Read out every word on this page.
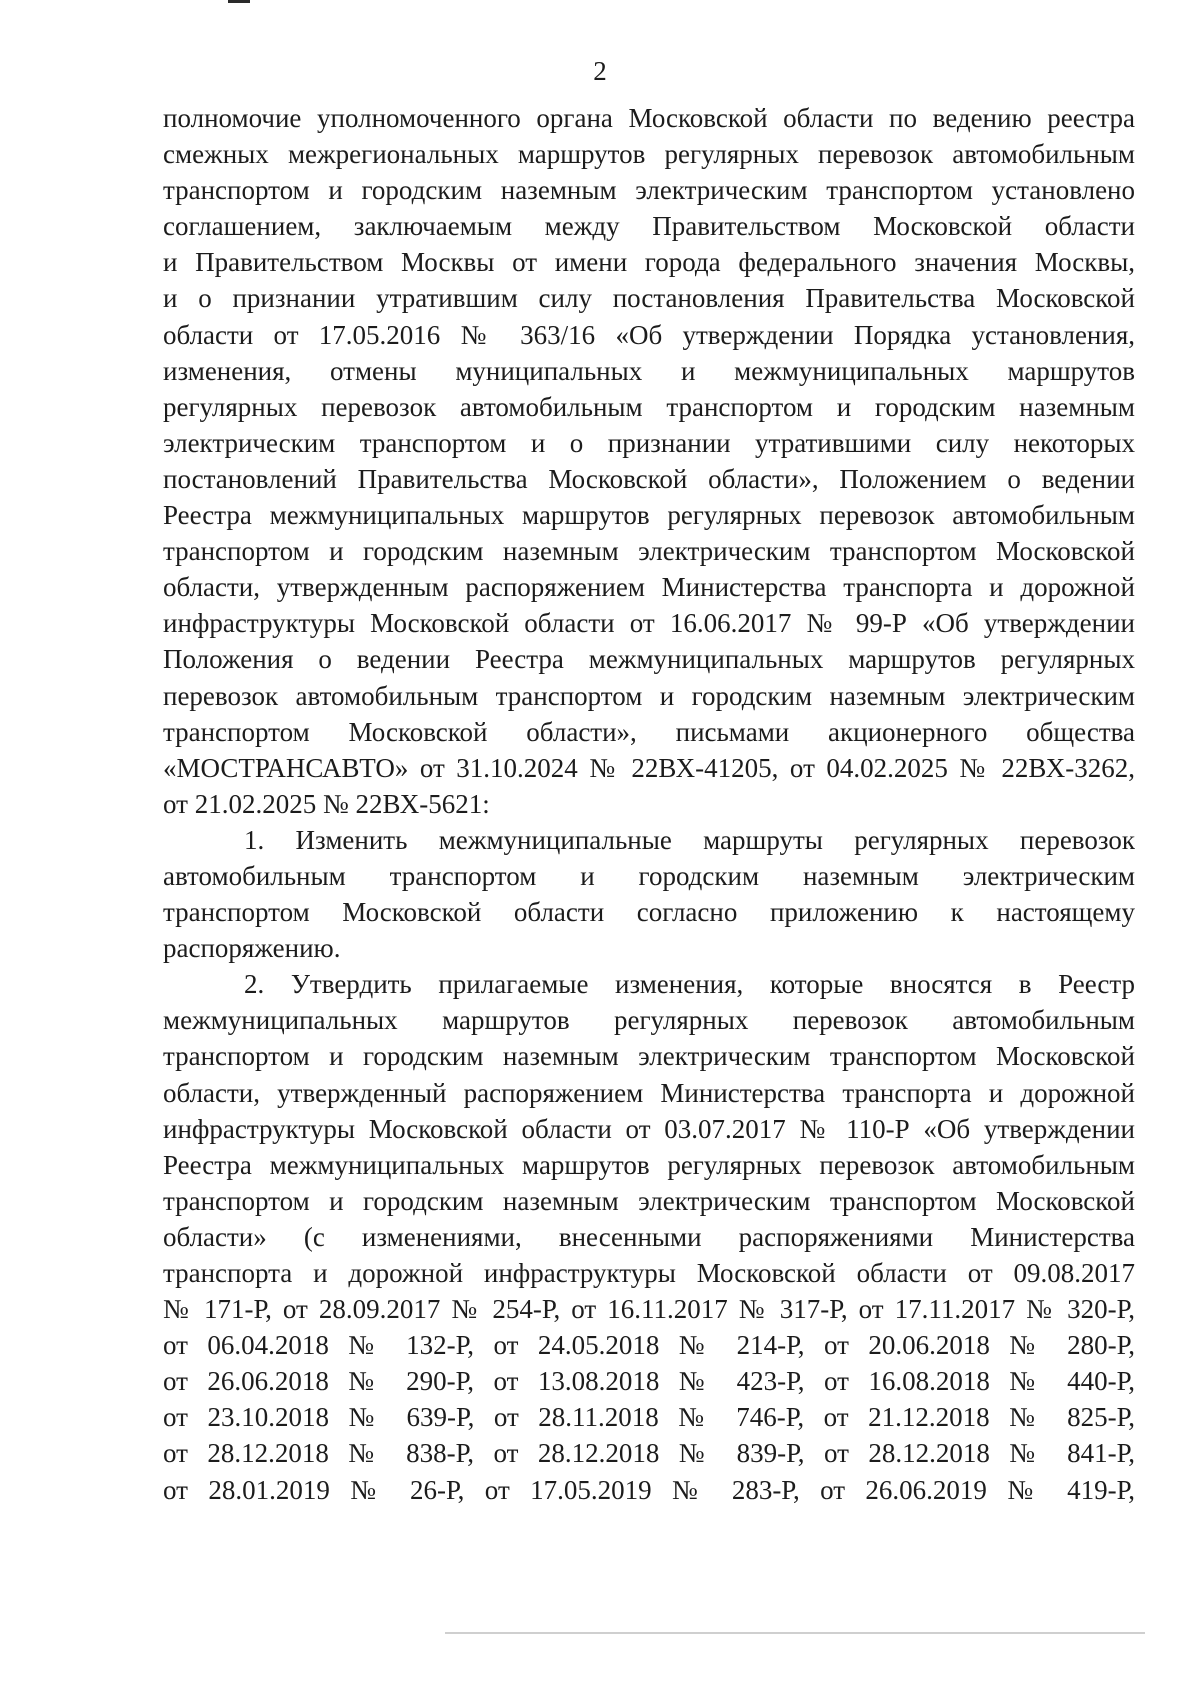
2
полномочие уполномоченного органа Московской области по ведению реестра
смежных межрегиональных маршрутов регулярных перевозок автомобильным
транспортом и городским наземным электрическим транспортом установлено
соглашением, заключаемым между Правительством Московской области
и Правительством Москвы от имени города федерального значения Москвы,
и о признании утратившим силу постановления Правительства Московской
области от 17.05.2016 № 363/16 «Об утверждении Порядка установления,
изменения, отмены муниципальных и межмуниципальных маршрутов
регулярных перевозок автомобильным транспортом и городским наземным
электрическим транспортом и о признании утратившими силу некоторых
постановлений Правительства Московской области», Положением о ведении
Реестра межмуниципальных маршрутов регулярных перевозок автомобильным
транспортом и городским наземным электрическим транспортом Московской
области, утвержденным распоряжением Министерства транспорта и дорожной
инфраструктуры Московской области от 16.06.2017 № 99-Р «Об утверждении
Положения о ведении Реестра межмуниципальных маршрутов регулярных
перевозок автомобильным транспортом и городским наземным электрическим
транспортом Московской области», письмами акционерного общества
«МОСТРАНСАВТО» от 31.10.2024 № 22ВХ-41205, от 04.02.2025 № 22ВХ-3262,
от 21.02.2025 № 22ВХ-5621:
1. Изменить межмуниципальные маршруты регулярных перевозок
автомобильным транспортом и городским наземным электрическим
транспортом Московской области согласно приложению к настоящему
распоряжению.
2. Утвердить прилагаемые изменения, которые вносятся в Реестр
межмуниципальных маршрутов регулярных перевозок автомобильным
транспортом и городским наземным электрическим транспортом Московской
области, утвержденный распоряжением Министерства транспорта и дорожной
инфраструктуры Московской области от 03.07.2017 № 110-Р «Об утверждении
Реестра межмуниципальных маршрутов регулярных перевозок автомобильным
транспортом и городским наземным электрическим транспортом Московской
области» (с изменениями, внесенными распоряжениями Министерства
транспорта и дорожной инфраструктуры Московской области от 09.08.2017
№ 171-Р, от 28.09.2017 № 254-Р, от 16.11.2017 № 317-Р, от 17.11.2017 № 320-Р,
от 06.04.2018 № 132-Р, от 24.05.2018 № 214-Р, от 20.06.2018 № 280-Р,
от 26.06.2018 № 290-Р, от 13.08.2018 № 423-Р, от 16.08.2018 № 440-Р,
от 23.10.2018 № 639-Р, от 28.11.2018 № 746-Р, от 21.12.2018 № 825-Р,
от 28.12.2018 № 838-Р, от 28.12.2018 № 839-Р, от 28.12.2018 № 841-Р,
от 28.01.2019 № 26-Р, от 17.05.2019 № 283-Р, от 26.06.2019 № 419-Р,
